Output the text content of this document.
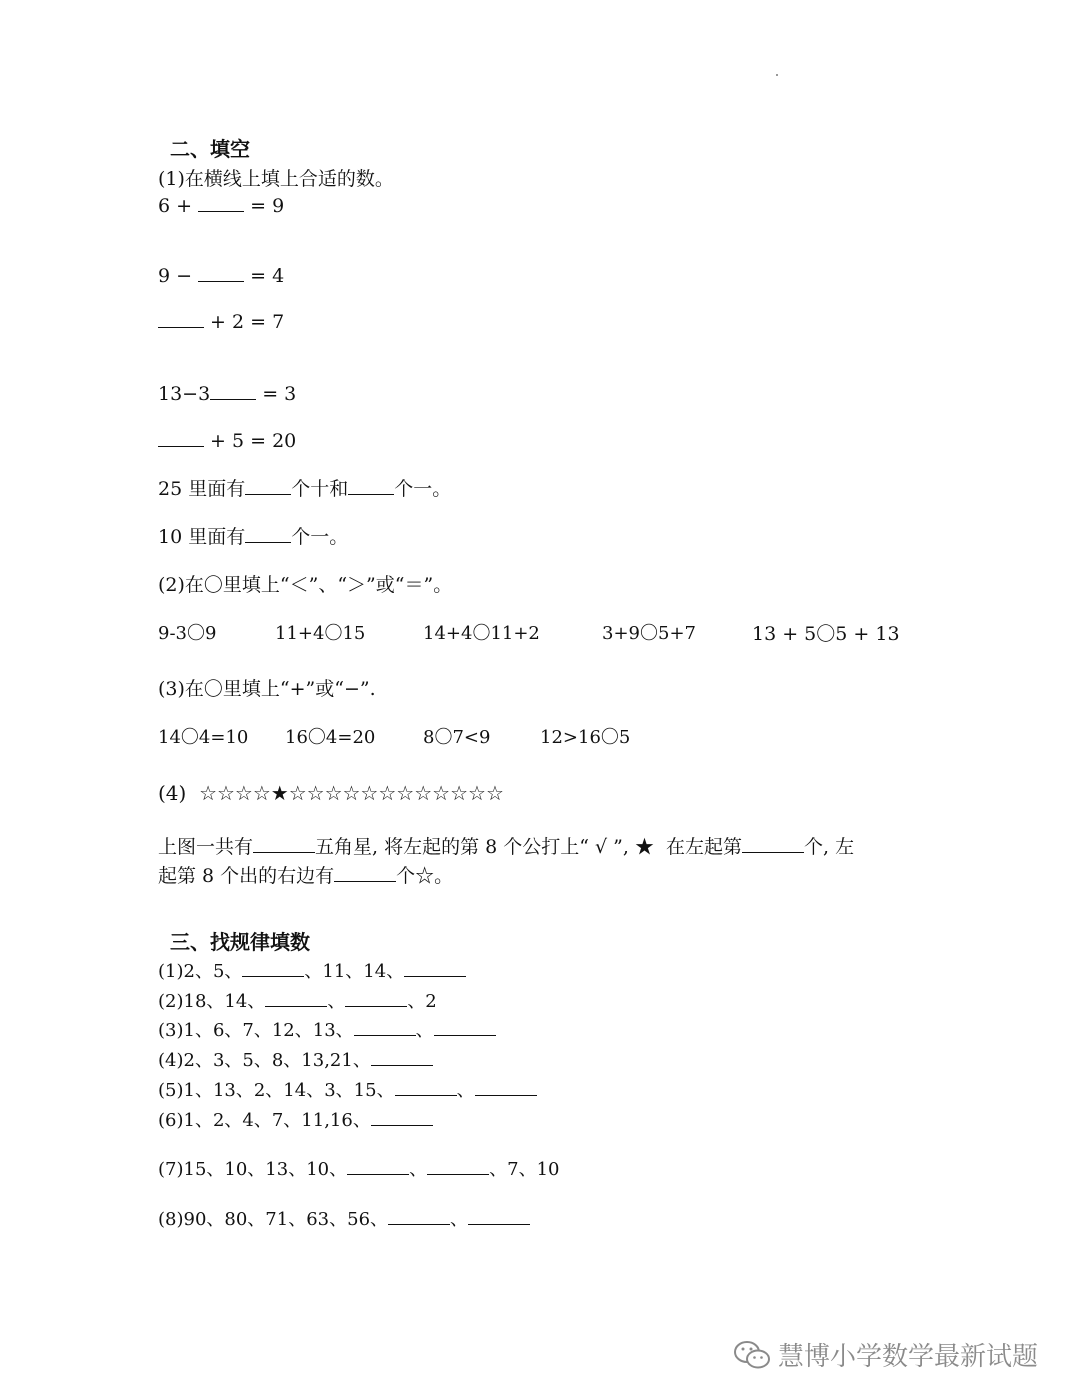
二、填空
(1)在横线上填上合适的数。
6 +  = 9
9 −  = 4
+ 2 = 7
13−3 = 3
+ 5 = 20
25 里面有 个十和 个一。
10 里面有 个一。
(2)在〇里填上“＜”、“＞”或“＝”。
9-3〇9	11+4〇15	14+4〇11+2	3+9〇5+7	13 + 5〇5 + 13
(3)在〇里填上“+”或“−”.
14〇4=10 16〇4=20	8〇7<9	12>16〇5
(4) ☆☆☆☆★☆☆☆☆☆☆☆☆☆☆☆☆
上图一共有	五角星, 将左起的第 8 个公打上“ √ ”, ★  在左起第	个, 左
起第 8 个出的右边有	个☆。
三、找规律填数
(1)2、5、	、11、14、
(2)18、14、	、	、2
(3)1、6、7、12、13、	、
(4)2、3、5、8、13,21、
(5)1、13、2、14、3、15、	、
(6)1、2、4、7、11,16、
(7)15、10、13、10、	、	、7、10
(8)90、80、71、63、56、	、
慧博小学数学最新试题
